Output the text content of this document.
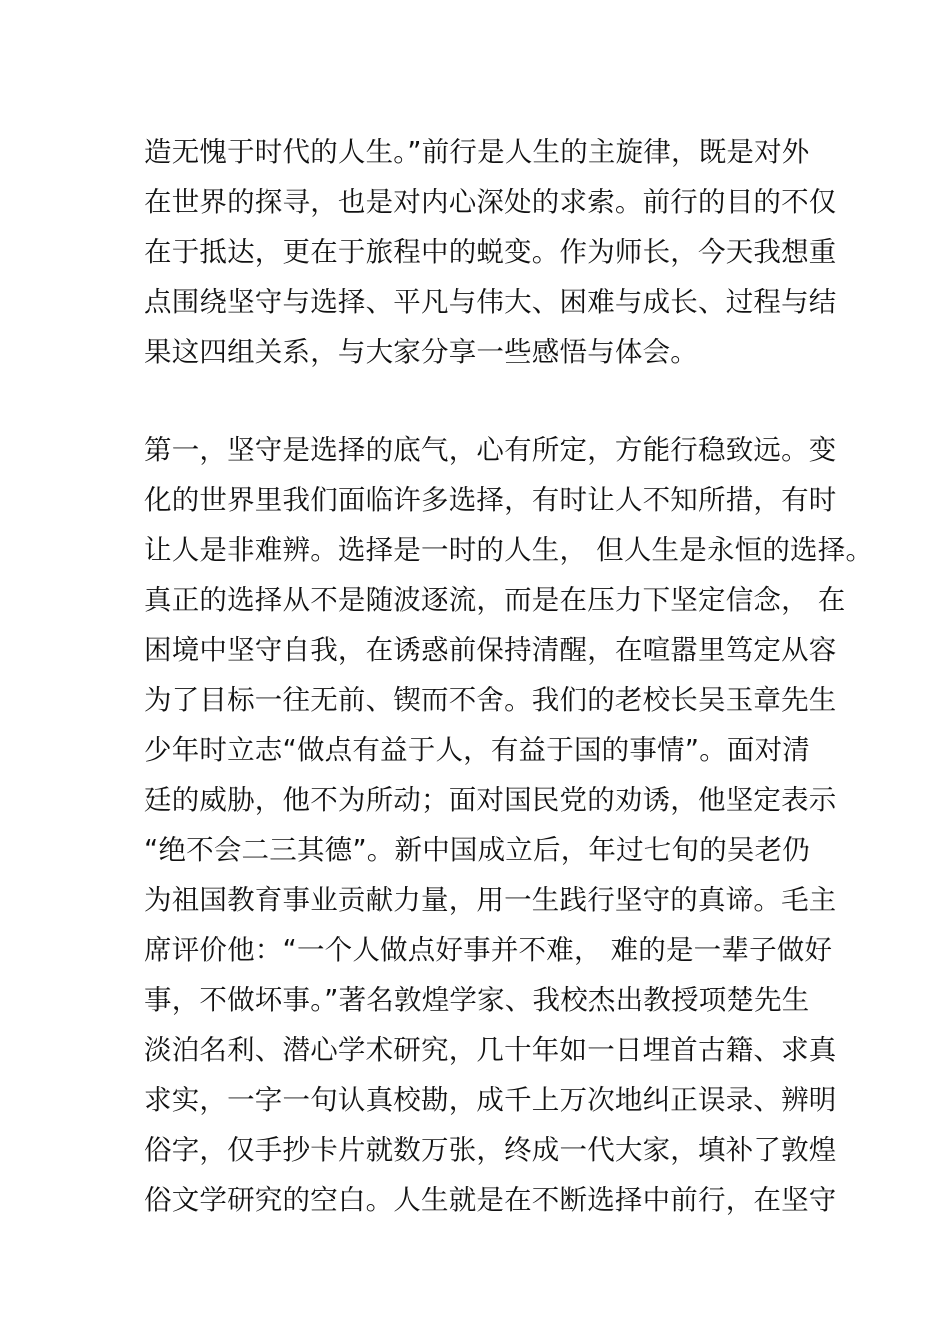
造无愧于时代的人生。”前行是人生的主旋律，既是对外
在世界的探寻，也是对内心深处的求索。前行的目的不仅
在于抵达，更在于旅程中的蜕变。作为师长，今天我想重
点围绕坚守与选择、平凡与伟大、困难与成长、过程与结
果这四组关系，与大家分享一些感悟与体会。
第一，坚守是选择的底气，心有所定，方能行稳致远。变
化的世界里我们面临许多选择，有时让人不知所措，有时
让人是非难辨。选择是一时的人生， 但人生是永恒的选择。
真正的选择从不是随波逐流，而是在压力下坚定信念， 在
困境中坚守自我，在诱惑前保持清醒，在喧嚣里笃定从容
为了目标一往无前、锲而不舍。我们的老校长吴玉章先生
少年时立志“做点有益于人，有益于国的事情”。面对清
廷的威胁，他不为所动；面对国民党的劝诱，他坚定表示
“绝不会二三其德”。新中国成立后，年过七旬的吴老仍
为祖国教育事业贡献力量，用一生践行坚守的真谛。毛主
席评价他：“一个人做点好事并不难， 难的是一辈子做好
事，不做坏事。”著名敦煌学家、我校杰出教授项楚先生
淡泊名利、潜心学术研究，几十年如一日埋首古籍、求真
求实，一字一句认真校勘，成千上万次地纠正误录、辨明
俗字，仅手抄卡片就数万张，终成一代大家，填补了敦煌
俗文学研究的空白。人生就是在不断选择中前行，在坚守
